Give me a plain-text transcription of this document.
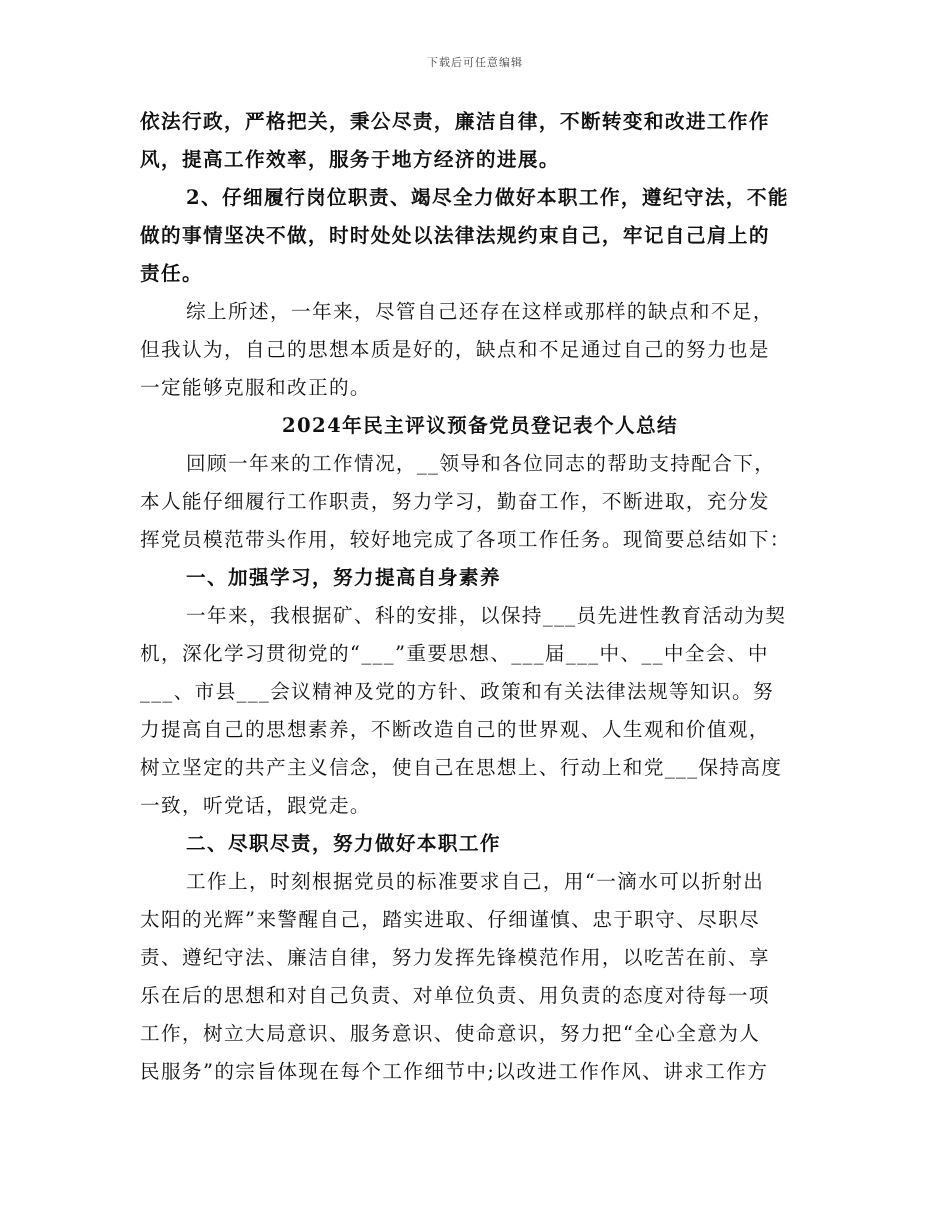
下载后可任意编辑
依法行政，严格把关，秉公尽责，廉洁自律，不断转变和改进工作作
风，提高工作效率，服务于地方经济的进展。
2、仔细履行岗位职责、竭尽全力做好本职工作，遵纪守法，不能
做的事情坚决不做，时时处处以法律法规约束自己，牢记自己肩上的
责任。
综上所述，一年来，尽管自己还存在这样或那样的缺点和不足，
但我认为，自己的思想本质是好的，缺点和不足通过自己的努力也是
一定能够克服和改正的。
2024年民主评议预备党员登记表个人总结
回顾一年来的工作情况，__领导和各位同志的帮助支持配合下，
本人能仔细履行工作职责，努力学习，勤奋工作，不断进取，充分发
挥党员模范带头作用，较好地完成了各项工作任务。现简要总结如下：
一、加强学习，努力提高自身素养
一年来，我根据矿、科的安排，以保持___员先进性教育活动为契
机，深化学习贯彻党的“___”重要思想、___届___中、__中全会、中
___、市县___会议精神及党的方针、政策和有关法律法规等知识。努
力提高自己的思想素养，不断改造自己的世界观、人生观和价值观，
树立坚定的共产主义信念，使自己在思想上、行动上和党___保持高度
一致，听党话，跟党走。
二、尽职尽责，努力做好本职工作
工作上，时刻根据党员的标准要求自己，用“一滴水可以折射出
太阳的光辉”来警醒自己，踏实进取、仔细谨慎、忠于职守、尽职尽
责、遵纪守法、廉洁自律，努力发挥先锋模范作用，以吃苦在前、享
乐在后的思想和对自己负责、对单位负责、用负责的态度对待每一项
工作，树立大局意识、服务意识、使命意识，努力把“全心全意为人
民服务”的宗旨体现在每个工作细节中;以改进工作作风、讲求工作方
